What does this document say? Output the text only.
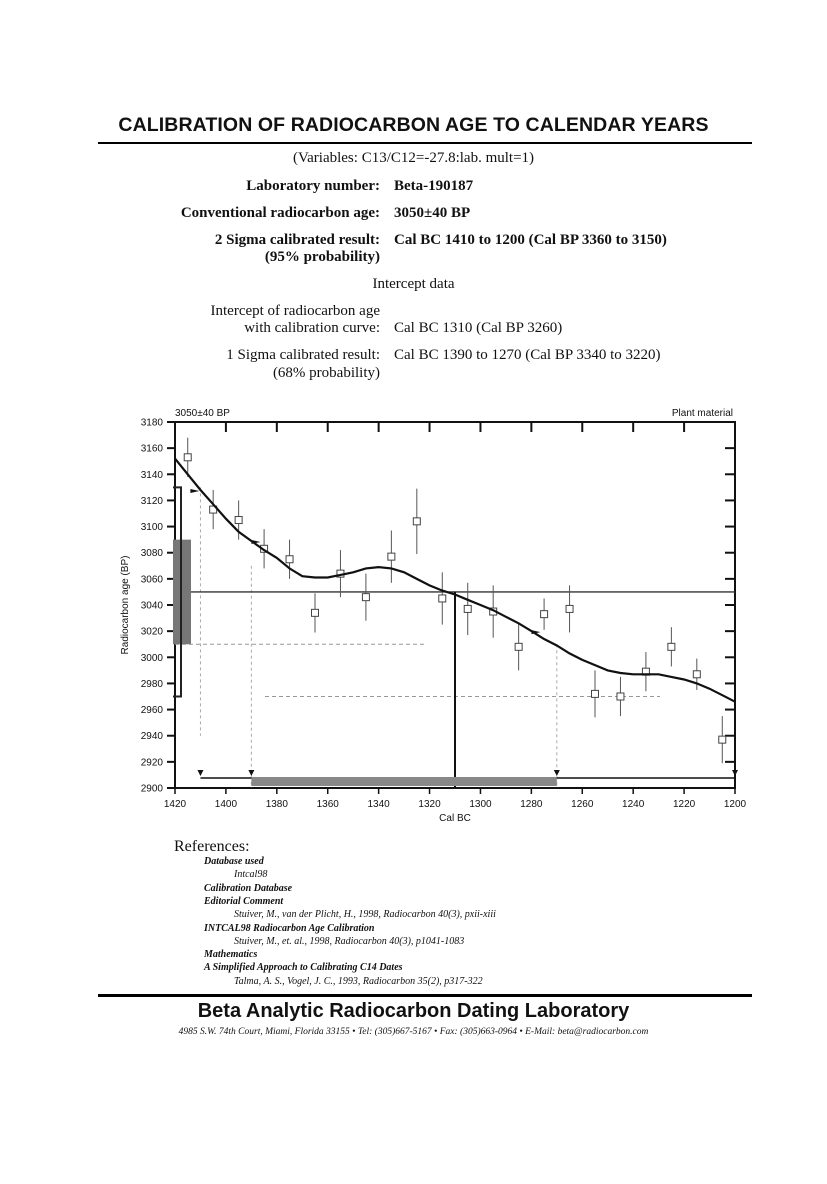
CALIBRATION OF RADIOCARBON AGE TO CALENDAR YEARS
(Variables: C13/C12=-27.8:lab. mult=1)
Laboratory number: Beta-190187
Conventional radiocarbon age: 3050±40 BP
2 Sigma calibrated result: Cal BC 1410 to 1200 (Cal BP 3360 to 3150)
(95% probability)
Intercept data
Intercept of radiocarbon age
with calibration curve: Cal BC 1310 (Cal BP 3260)
1 Sigma calibrated result: Cal BC 1390 to 1270 (Cal BP 3340 to 3220)
(68% probability)
3050±40 BP	Plant material
2900
2920
2940
2960
2980
3000
3020
3040
3060
3080
3100
3120
3140
3160
3180
1420	1400	1380	1360	1340	1320	1300	1280	1260	1240	1220	1200
Cal BC
Radiocarbon age (BP)
References:
Database used
Intcal98
Calibration Database
Editorial Comment
Stuiver, M., van der Plicht, H., 1998, Radiocarbon 40(3), pxii-xiii
INTCAL98 Radiocarbon Age Calibration
Stuiver, M., et. al., 1998, Radiocarbon 40(3), p1041-1083
Mathematics
A Simplified Approach to Calibrating C14 Dates
Talma, A. S., Vogel, J. C., 1993, Radiocarbon 35(2), p317-322
Beta Analytic Radiocarbon Dating Laboratory
4985 S.W. 74th Court, Miami, Florida 33155 • Tel: (305)667-5167 • Fax: (305)663-0964 • E-Mail: beta@radiocarbon.com
